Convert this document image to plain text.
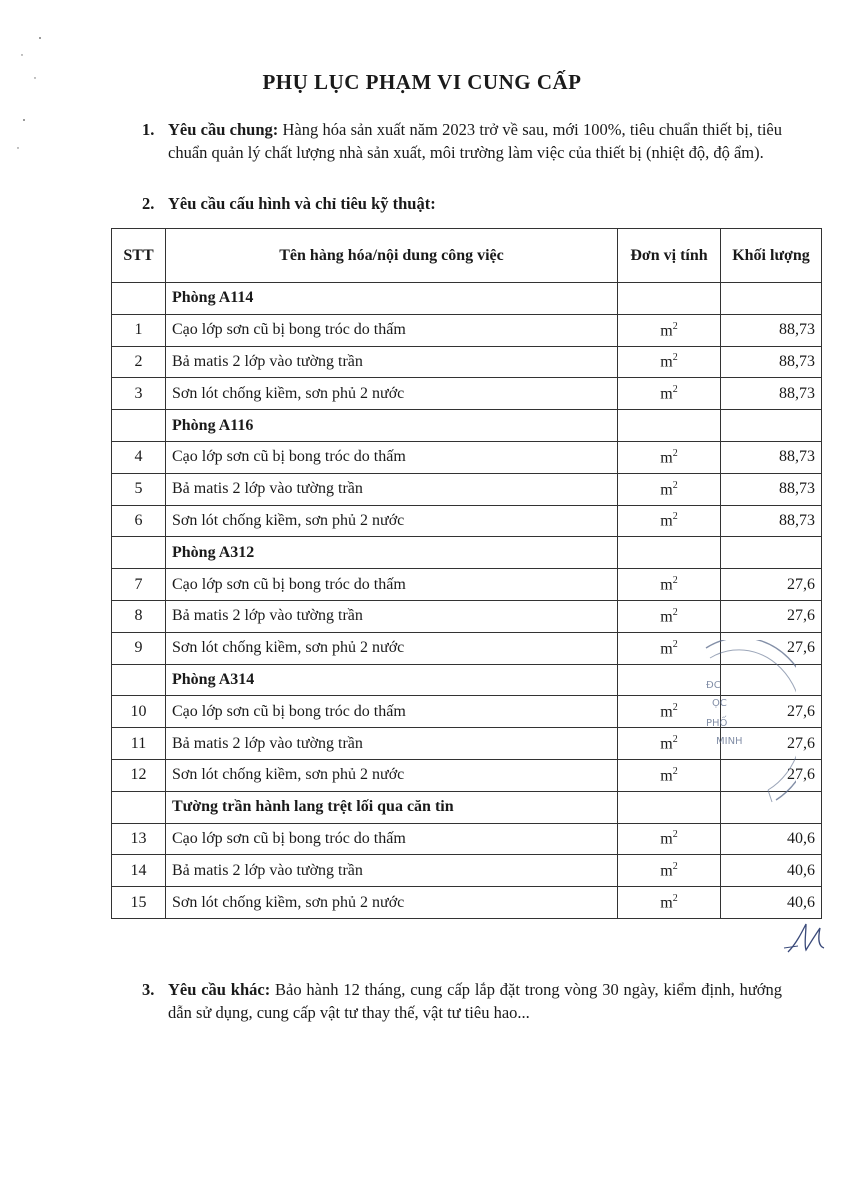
PHỤ LỤC PHẠM VI CUNG CẤP
1. Yêu cầu chung: Hàng hóa sản xuất năm 2023 trở về sau, mới 100%, tiêu chuẩn thiết bị, tiêu chuẩn quản lý chất lượng nhà sản xuất, môi trường làm việc của thiết bị (nhiệt độ, độ ẩm).
2. Yêu cầu cấu hình và chỉ tiêu kỹ thuật:
STT	Tên hàng hóa/nội dung công việc	Đơn vị tính	Khối lượng
	Phòng A114		
1	Cạo lớp sơn cũ bị bong tróc do thấm	$m^2$	88,73
2	Bả matis 2 lớp vào tường trần	$m^2$	88,73
3	Sơn lót chống kiềm, sơn phủ 2 nước	$m^2$	88,73
	Phòng A116		
4	Cạo lớp sơn cũ bị bong tróc do thấm	$m^2$	88,73
5	Bả matis 2 lớp vào tường trần	$m^2$	88,73
6	Sơn lót chống kiềm, sơn phủ 2 nước	$m^2$	88,73
	Phòng A312		
7	Cạo lớp sơn cũ bị bong tróc do thấm	$m^2$	27,6
8	Bả matis 2 lớp vào tường trần	$m^2$	27,6
9	Sơn lót chống kiềm, sơn phủ 2 nước	$m^2$	27,6
	Phòng A314		
10	Cạo lớp sơn cũ bị bong tróc do thấm	$m^2$	27,6
11	Bả matis 2 lớp vào tường trần	$m^2$	27,6
12	Sơn lót chống kiềm, sơn phủ 2 nước	$m^2$	27,6
	Tường trần hành lang trệt lối qua căn tin		
13	Cạo lớp sơn cũ bị bong tróc do thấm	$m^2$	40,6
14	Bả matis 2 lớp vào tường trần	$m^2$	40,6
15	Sơn lót chống kiềm, sơn phủ 2 nước	$m^2$	40,6
3. Yêu cầu khác: Bảo hành 12 tháng, cung cấp lắp đặt trong vòng 30 ngày, kiểm định, hướng dẫn sử dụng, cung cấp vật tư thay thế, vật tư tiêu hao...
ĐC
ỌC
PHỐ
MINH
